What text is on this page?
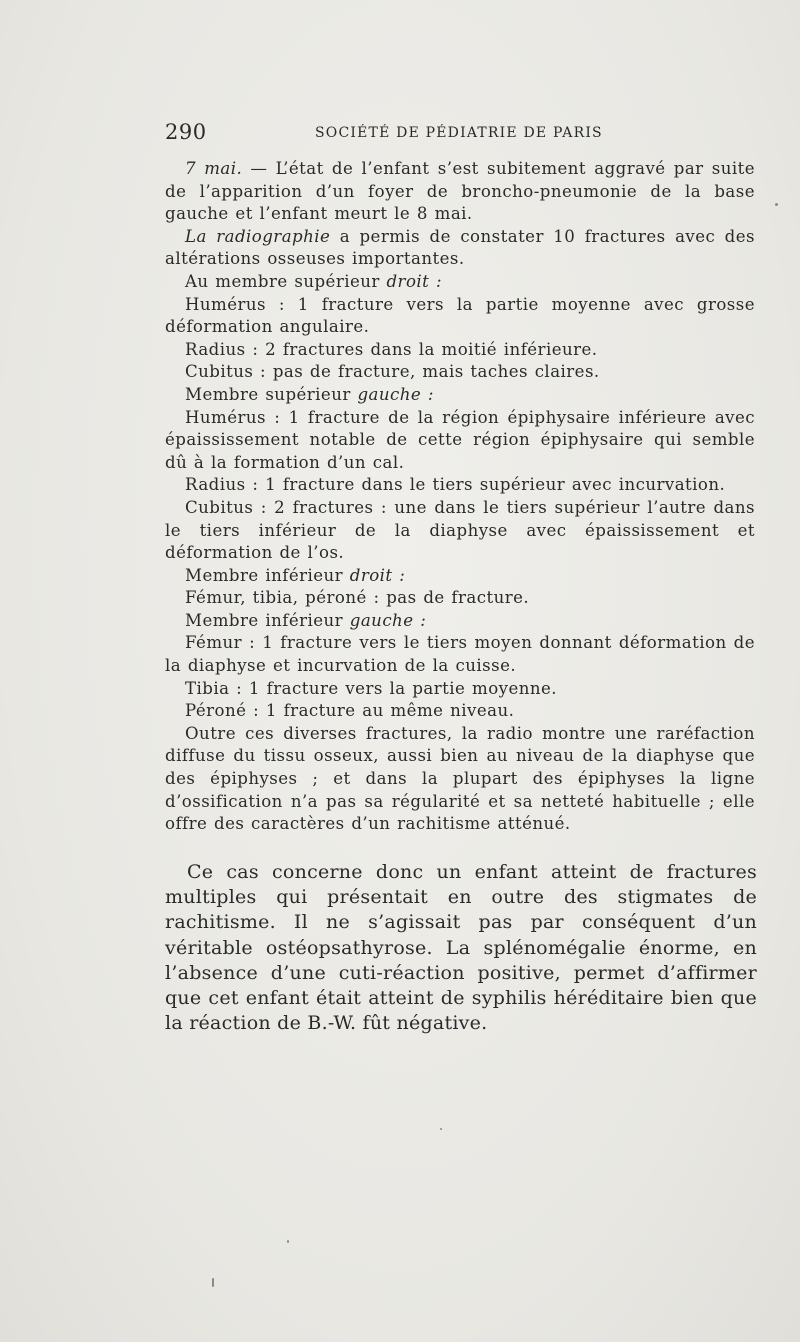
290	SOCIÉTÉ DE PÉDIATRIE DE PARIS

7 mai. — L’état de l’enfant s’est subitement aggravé par suite de l’apparition d’un foyer de broncho-pneumonie de la base gauche et l’enfant meurt le 8 mai.

La radiographie a permis de constater 10 fractures avec des altérations osseuses importantes.

Au membre supérieur droit :

Humérus : 1 fracture vers la partie moyenne avec grosse déformation angulaire.

Radius : 2 fractures dans la moitié inférieure.

Cubitus : pas de fracture, mais taches claires.

Membre supérieur gauche :

Humérus : 1 fracture de la région épiphysaire inférieure avec épaississement notable de cette région épiphysaire qui semble dû à la formation d’un cal.

Radius : 1 fracture dans le tiers supérieur avec incurvation.

Cubitus : 2 fractures : une dans le tiers supérieur l’autre dans le tiers inférieur de la diaphyse avec épaississement et déformation de l’os.

Membre inférieur droit :

Fémur, tibia, péroné : pas de fracture.

Membre inférieur gauche :

Fémur : 1 fracture vers le tiers moyen donnant déformation de la diaphyse et incurvation de la cuisse.

Tibia : 1 fracture vers la partie moyenne.

Péroné : 1 fracture au même niveau.

Outre ces diverses fractures, la radio montre une raréfaction diffuse du tissu osseux, aussi bien au niveau de la diaphyse que des épiphyses ; et dans la plupart des épiphyses la ligne d’ossification n’a pas sa régularité et sa netteté habituelle ; elle offre des caractères d’un rachitisme atténué.

Ce cas concerne donc un enfant atteint de fractures multiples qui présentait en outre des stigmates de rachitisme. Il ne s’agissait pas par conséquent d’un véritable ostéopsathyrose. La splénomégalie énorme, en l’absence d’une cuti-réaction positive, permet d’affirmer que cet enfant était atteint de syphilis héréditaire bien que la réaction de B.-W. fût négative.
